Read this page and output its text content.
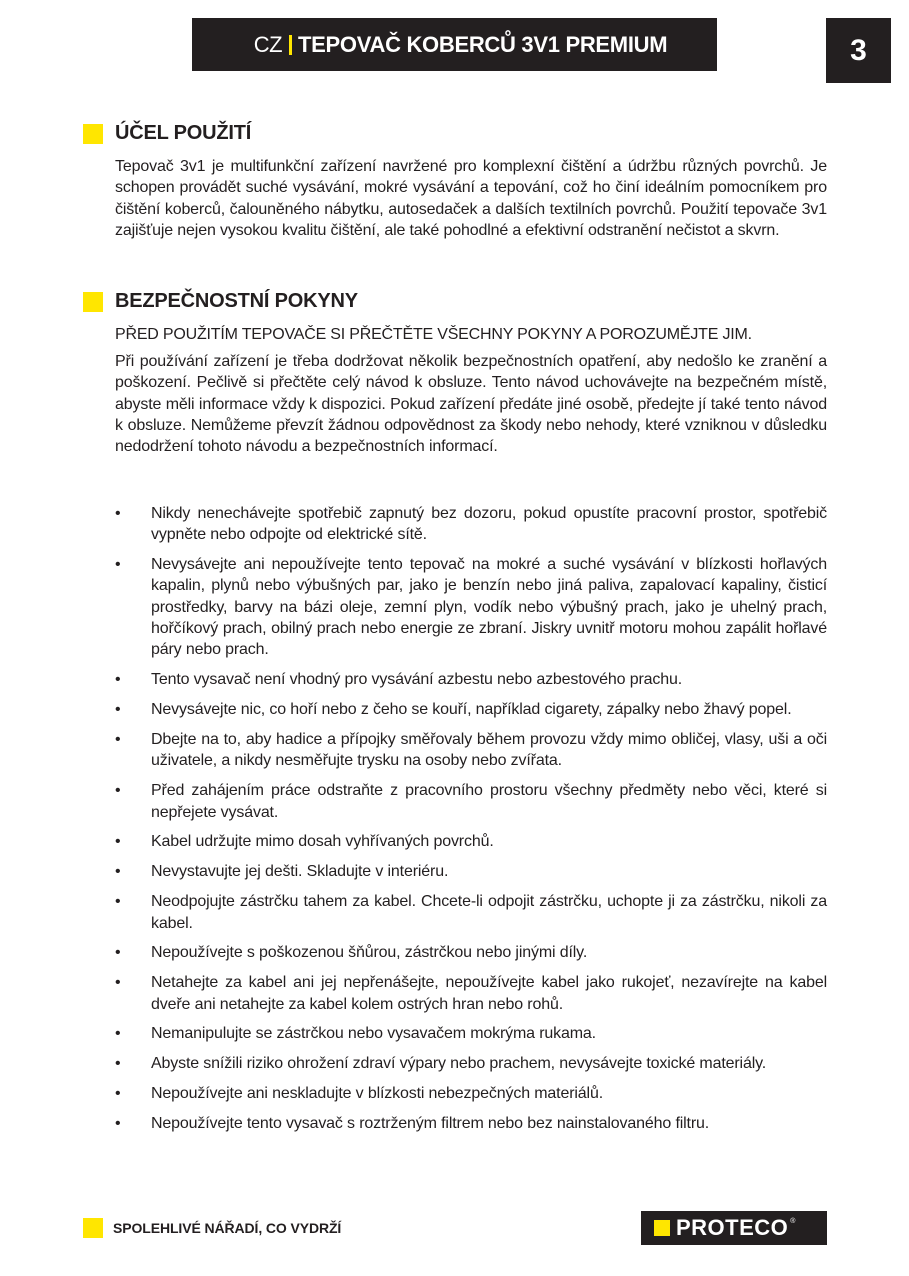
CZ TEPOVAČ KOBERCŮ 3V1 PREMIUM	3
ÚČEL POUŽITÍ
Tepovač 3v1 je multifunkční zařízení navržené pro komplexní čištění a údržbu různých povrchů. Je schopen provádět suché vysávání, mokré vysávání a tepování, což ho činí ideálním pomocníkem pro čištění koberců, čalouněného nábytku, autosedaček a dalších textilních povrchů. Použití tepovače 3v1 zajišťuje nejen vysokou kvalitu čištění, ale také pohodlné a efektivní odstranění nečistot a skvrn.
BEZPEČNOSTNÍ POKYNY
PŘED POUŽITÍM TEPOVAČE SI PŘEČTĚTE VŠECHNY POKYNY A POROZUMĚJTE JIM.
Při používání zařízení je třeba dodržovat několik bezpečnostních opatření, aby nedošlo ke zranění a poškození. Pečlivě si přečtěte celý návod k obsluze. Tento návod uchovávejte na bezpečném místě, abyste měli informace vždy k dispozici. Pokud zařízení předáte jiné osobě, předejte jí také tento návod k obsluze. Nemůžeme převzít žádnou odpovědnost za škody nebo nehody, které vzniknou v důsledku nedodržení tohoto návodu a bezpečnostních informací.
• Nikdy nenechávejte spotřebič zapnutý bez dozoru, pokud opustíte pracovní prostor, spotřebič vypněte nebo odpojte od elektrické sítě.
• Nevysávejte ani nepoužívejte tento tepovač na mokré a suché vysávání v blízkosti hořlavých kapalin, plynů nebo výbušných par, jako je benzín nebo jiná paliva, zapalovací kapaliny, čisticí prostředky, barvy na bázi oleje, zemní plyn, vodík nebo výbušný prach, jako je uhelný prach, hořčíkový prach, obilný prach nebo energie ze zbraní. Jiskry uvnitř motoru mohou zapálit hořlavé páry nebo prach.
• Tento vysavač není vhodný pro vysávání azbestu nebo azbestového prachu.
• Nevysávejte nic, co hoří nebo z čeho se kouří, například cigarety, zápalky nebo žhavý popel.
• Dbejte na to, aby hadice a přípojky směřovaly během provozu vždy mimo obličej, vlasy, uši a oči uživatele, a nikdy nesměřujte trysku na osoby nebo zvířata.
• Před zahájením práce odstraňte z pracovního prostoru všechny předměty nebo věci, které si nepřejete vysávat.
• Kabel udržujte mimo dosah vyhřívaných povrchů.
• Nevystavujte jej dešti. Skladujte v interiéru.
• Neodpojujte zástrčku tahem za kabel. Chcete-li odpojit zástrčku, uchopte ji za zástrčku, nikoli za kabel.
• Nepoužívejte s poškozenou šňůrou, zástrčkou nebo jinými díly.
• Netahejte za kabel ani jej nepřenášejte, nepoužívejte kabel jako rukojeť, nezavírejte na kabel dveře ani netahejte za kabel kolem ostrých hran nebo rohů.
• Nemanipulujte se zástrčkou nebo vysavačem mokrýma rukama.
• Abyste snížili riziko ohrožení zdraví výpary nebo prachem, nevysávejte toxické materiály.
• Nepoužívejte ani neskladujte v blízkosti nebezpečných materiálů.
• Nepoužívejte tento vysavač s roztrženým filtrem nebo bez nainstalovaného filtru.
SPOLEHLIVÉ NÁŘADÍ, CO VYDRŽÍ	PROTECO ®
